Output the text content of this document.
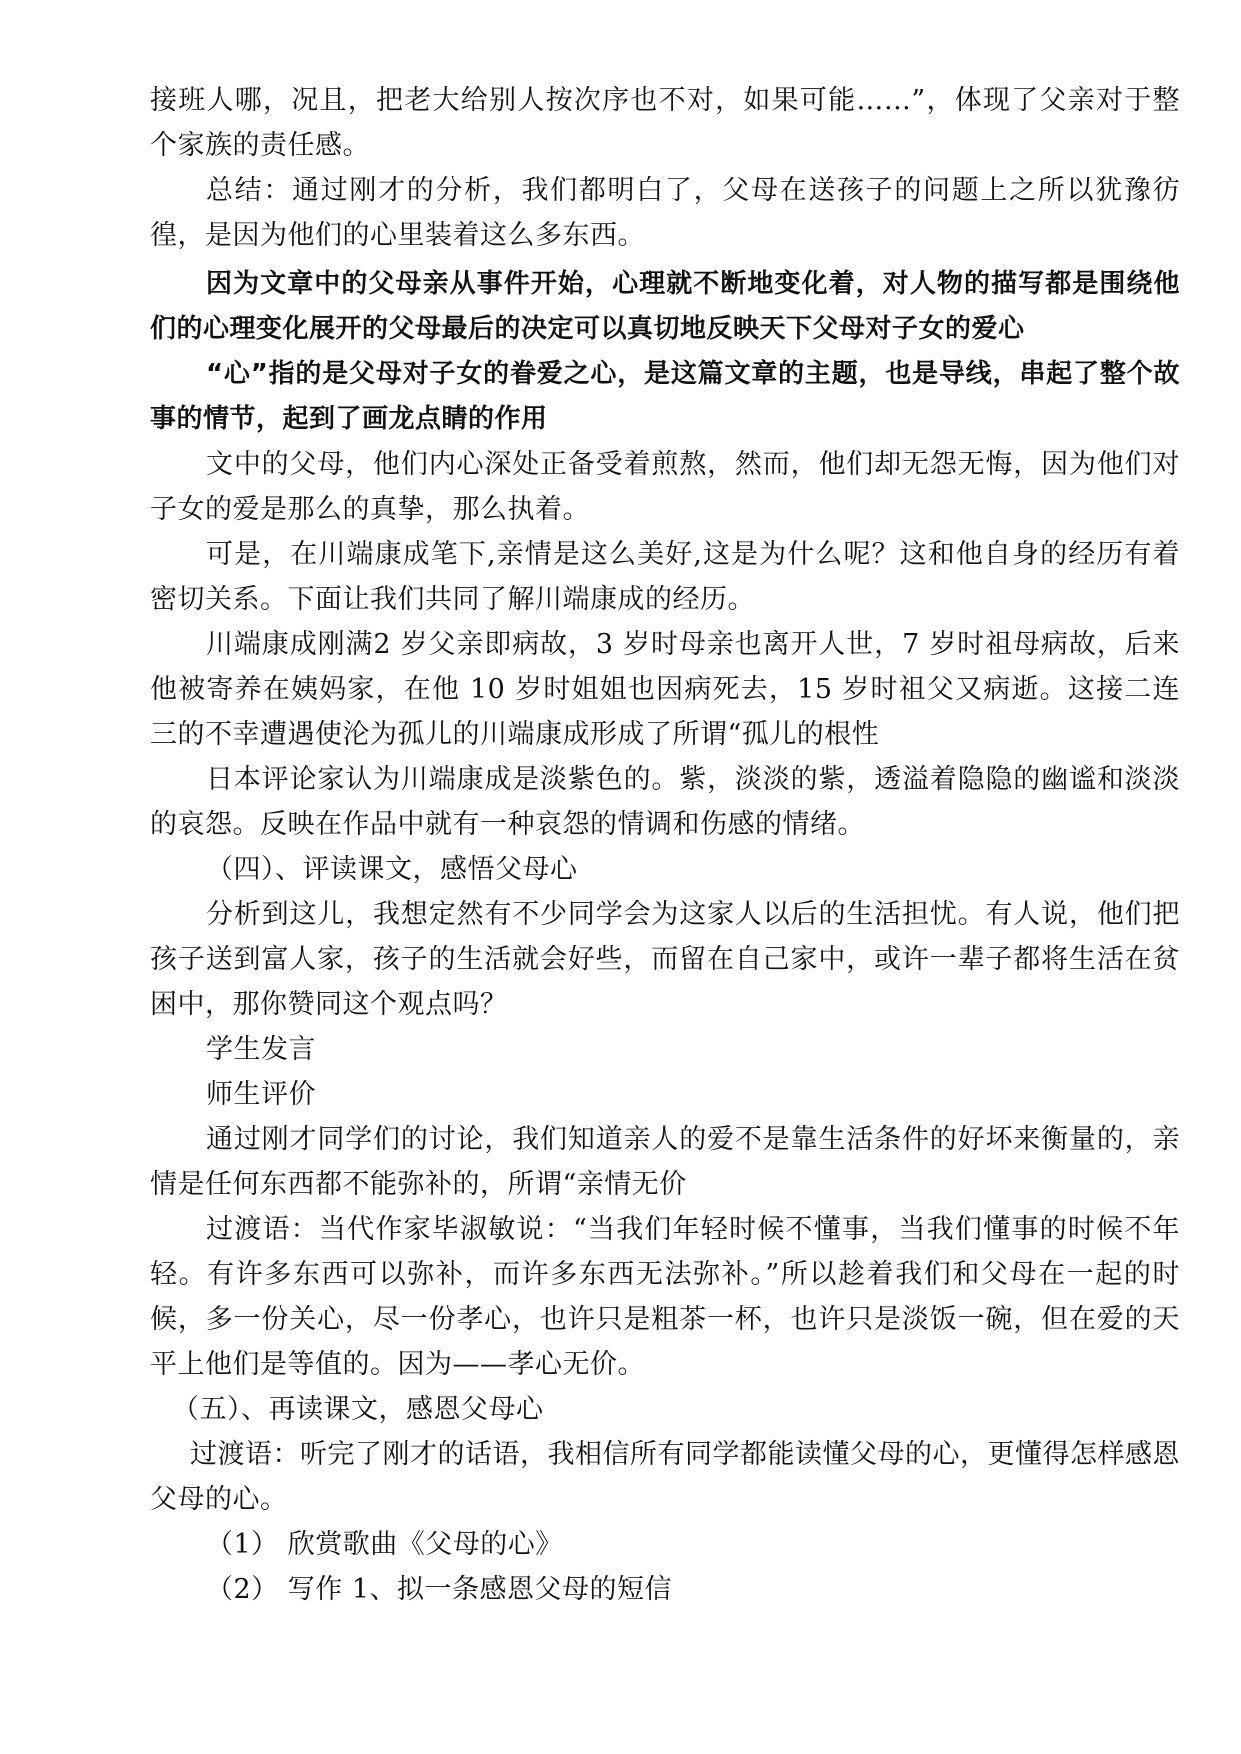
接班人哪，况且，把老大给别人按次序也不对，如果可能……”，体现了父亲对于整个家族的责任感。

总结：通过刚才的分析，我们都明白了，父母在送孩子的问题上之所以犹豫彷徨，是因为他们的心里装着这么多东西。

因为文章中的父母亲从事件开始，心理就不断地变化着，对人物的描写都是围绕他们的心理变化展开的父母最后的决定可以真切地反映天下父母对子女的爱心

“心”指的是父母对子女的眷爱之心，是这篇文章的主题，也是导线，串起了整个故事的情节，起到了画龙点睛的作用

文中的父母，他们内心深处正备受着煎熬，然而，他们却无怨无悔，因为他们对子女的爱是那么的真挚，那么执着。

可是，在川端康成笔下,亲情是这么美好,这是为什么呢？这和他自身的经历有着密切关系。下面让我们共同了解川端康成的经历。

川端康成刚满2 岁父亲即病故，3 岁时母亲也离开人世，7 岁时祖母病故，后来他被寄养在姨妈家，在他 10 岁时姐姐也因病死去，15 岁时祖父又病逝。这接二连三的不幸遭遇使沦为孤儿的川端康成形成了所谓“孤儿的根性

日本评论家认为川端康成是淡紫色的。紫，淡淡的紫，透溢着隐隐的幽谧和淡淡的哀怨。反映在作品中就有一种哀怨的情调和伤感的情绪。

（四）、评读课文，感悟父母心

分析到这儿，我想定然有不少同学会为这家人以后的生活担忧。有人说，他们把孩子送到富人家，孩子的生活就会好些，而留在自己家中，或许一辈子都将生活在贫困中，那你赞同这个观点吗？

学生发言

师生评价

通过刚才同学们的讨论，我们知道亲人的爱不是靠生活条件的好坏来衡量的，亲情是任何东西都不能弥补的，所谓“亲情无价

过渡语：当代作家毕淑敏说：“当我们年轻时候不懂事，当我们懂事的时候不年轻。有许多东西可以弥补，而许多东西无法弥补。”所以趁着我们和父母在一起的时候，多一份关心，尽一份孝心，也许只是粗茶一杯，也许只是淡饭一碗，但在爱的天平上他们是等值的。因为——孝心无价。

（五）、再读课文，感恩父母心

过渡语：听完了刚才的话语，我相信所有同学都能读懂父母的心，更懂得怎样感恩父母的心。

（1） 欣赏歌曲《父母的心》

（2） 写作 1、拟一条感恩父母的短信
